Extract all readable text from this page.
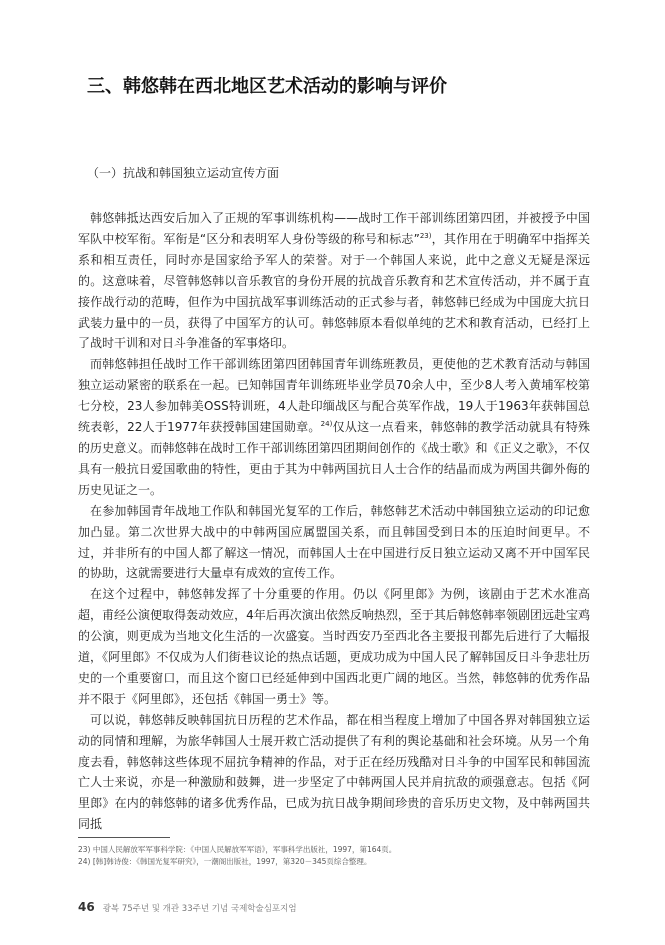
三、韩悠韩在西北地区艺术活动的影响与评价
（一）抗战和韩国独立运动宣传方面

韩悠韩抵达西安后加入了正规的军事训练机构——战时工作干部训练团第四团，并被授予中国军队中校军衔。军衔是“区分和表明军人身份等级的称号和标志”$^{23)}$，其作用在于明确军中指挥关系和相互责任，同时亦是国家给予军人的荣誉。对于一个韩国人来说，此中之意义无疑是深远的。这意味着，尽管韩悠韩以音乐教官的身份开展的抗战音乐教育和艺术宣传活动，并不属于直接作战行动的范畴，但作为中国抗战军事训练活动的正式参与者，韩悠韩已经成为中国庞大抗日武装力量中的一员，获得了中国军方的认可。韩悠韩原本看似单纯的艺术和教育活动，已经打上了战时干训和对日斗争准备的军事烙印。

而韩悠韩担任战时工作干部训练团第四团韩国青年训练班教员，更使他的艺术教育活动与韩国独立运动紧密的联系在一起。已知韩国青年训练班毕业学员70余人中，至少8人考入黄埔军校第七分校，23人参加韩美OSS特训班，4人赴印缅战区与配合英军作战，19人于1963年获韩国总统表彰，22人于1977年获授韩国建国勋章。$^{24)}$仅从这一点看来，韩悠韩的教学活动就具有特殊的历史意义。而韩悠韩在战时工作干部训练团第四团期间创作的《战士歌》和《正义之歌》，不仅具有一般抗日爱国歌曲的特性，更由于其为中韩两国抗日人士合作的结晶而成为两国共御外侮的历史见证之一。

在参加韩国青年战地工作队和韩国光复军的工作后，韩悠韩艺术活动中韩国独立运动的印记愈加凸显。第二次世界大战中的中韩两国应属盟国关系，而且韩国受到日本的压迫时间更早。不过，并非所有的中国人都了解这一情况，而韩国人士在中国进行反日独立运动又离不开中国军民的协助，这就需要进行大量卓有成效的宣传工作。

在这个过程中，韩悠韩发挥了十分重要的作用。仍以《阿里郎》为例，该剧由于艺术水准高超，甫经公演便取得轰动效应，4年后再次演出依然反响热烈，至于其后韩悠韩率领剧团远赴宝鸡的公演，则更成为当地文化生活的一次盛宴。当时西安乃至西北各主要报刊都先后进行了大幅报道，《阿里郎》不仅成为人们街巷议论的热点话题，更成功成为中国人民了解韩国反日斗争悲壮历史的一个重要窗口，而且这个窗口已经延伸到中国西北更广阔的地区。当然，韩悠韩的优秀作品并不限于《阿里郎》，还包括《韩国一勇士》等。

可以说，韩悠韩反映韩国抗日历程的艺术作品，都在相当程度上增加了中国各界对韩国独立运动的同情和理解，为旅华韩国人士展开救亡活动提供了有利的舆论基础和社会环境。从另一个角度去看，韩悠韩这些体现不屈抗争精神的作品，对于正在经历残酷对日斗争的中国军民和韩国流亡人士来说，亦是一种激励和鼓舞，进一步坚定了中韩两国人民并肩抗敌的顽强意志。包括《阿里郎》在内的韩悠韩的诸多优秀作品，已成为抗日战争期间珍贵的音乐历史文物，及中韩两国共同抵

23) 中国人民解放军军事科学院：《中国人民解放军军语》，军事科学出版社，1997，第164页。

24) [韩]韩诗俊：《韩国光复军研究》，一潮阁出版社，1997，第320－345页综合整理。

46 광복 75주년 및 개관 33주년 기념 국제학술심포지엄
